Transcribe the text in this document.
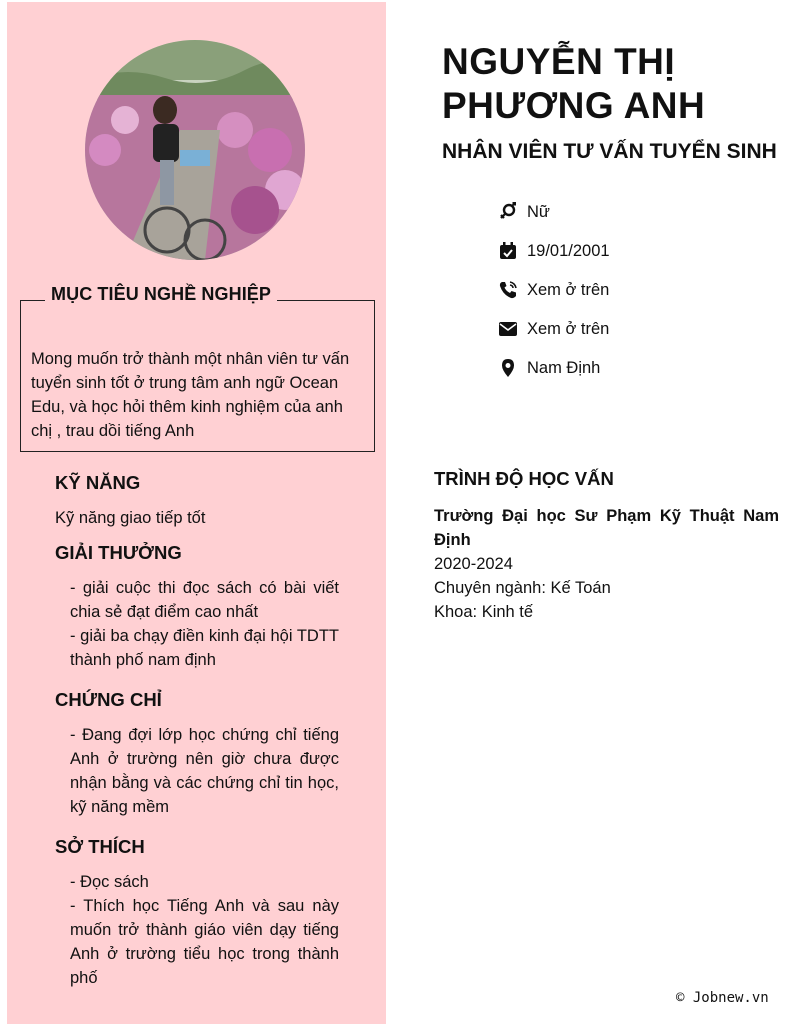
MỤC TIÊU NGHỀ NGHIỆP
Mong muốn trở thành một nhân viên tư vấn tuyển sinh tốt ở trung tâm anh ngữ Ocean Edu, và học hỏi thêm kinh nghiệm của anh chị , trau dồi tiếng Anh
KỸ NĂNG
Kỹ năng giao tiếp tốt
GIẢI THƯỞNG
- giải cuộc thi đọc sách có bài viết chia sẻ đạt điểm cao nhất
- giải ba chạy điền kinh đại hội TDTT thành phố nam định
CHỨNG CHỈ
- Đang đợi lớp học chứng chỉ tiếng Anh ở trường nên giờ chưa được nhận bằng và các chứng chỉ tin học, kỹ năng mềm
SỞ THÍCH
- Đọc sách
- Thích học Tiếng Anh và sau này muốn trở thành giáo viên dạy tiếng Anh ở trường tiểu học trong thành phố
NGUYỄN THỊ
PHƯƠNG ANH
NHÂN VIÊN TƯ VẤN TUYỂN SINH
Nữ
19/01/2001
Xem ở trên
Xem ở trên
Nam Định
TRÌNH ĐỘ HỌC VẤN
Trường Đại học Sư Phạm Kỹ Thuật Nam Định
2020-2024
Chuyên ngành: Kế Toán
Khoa: Kinh tế
© Jobnew.vn
